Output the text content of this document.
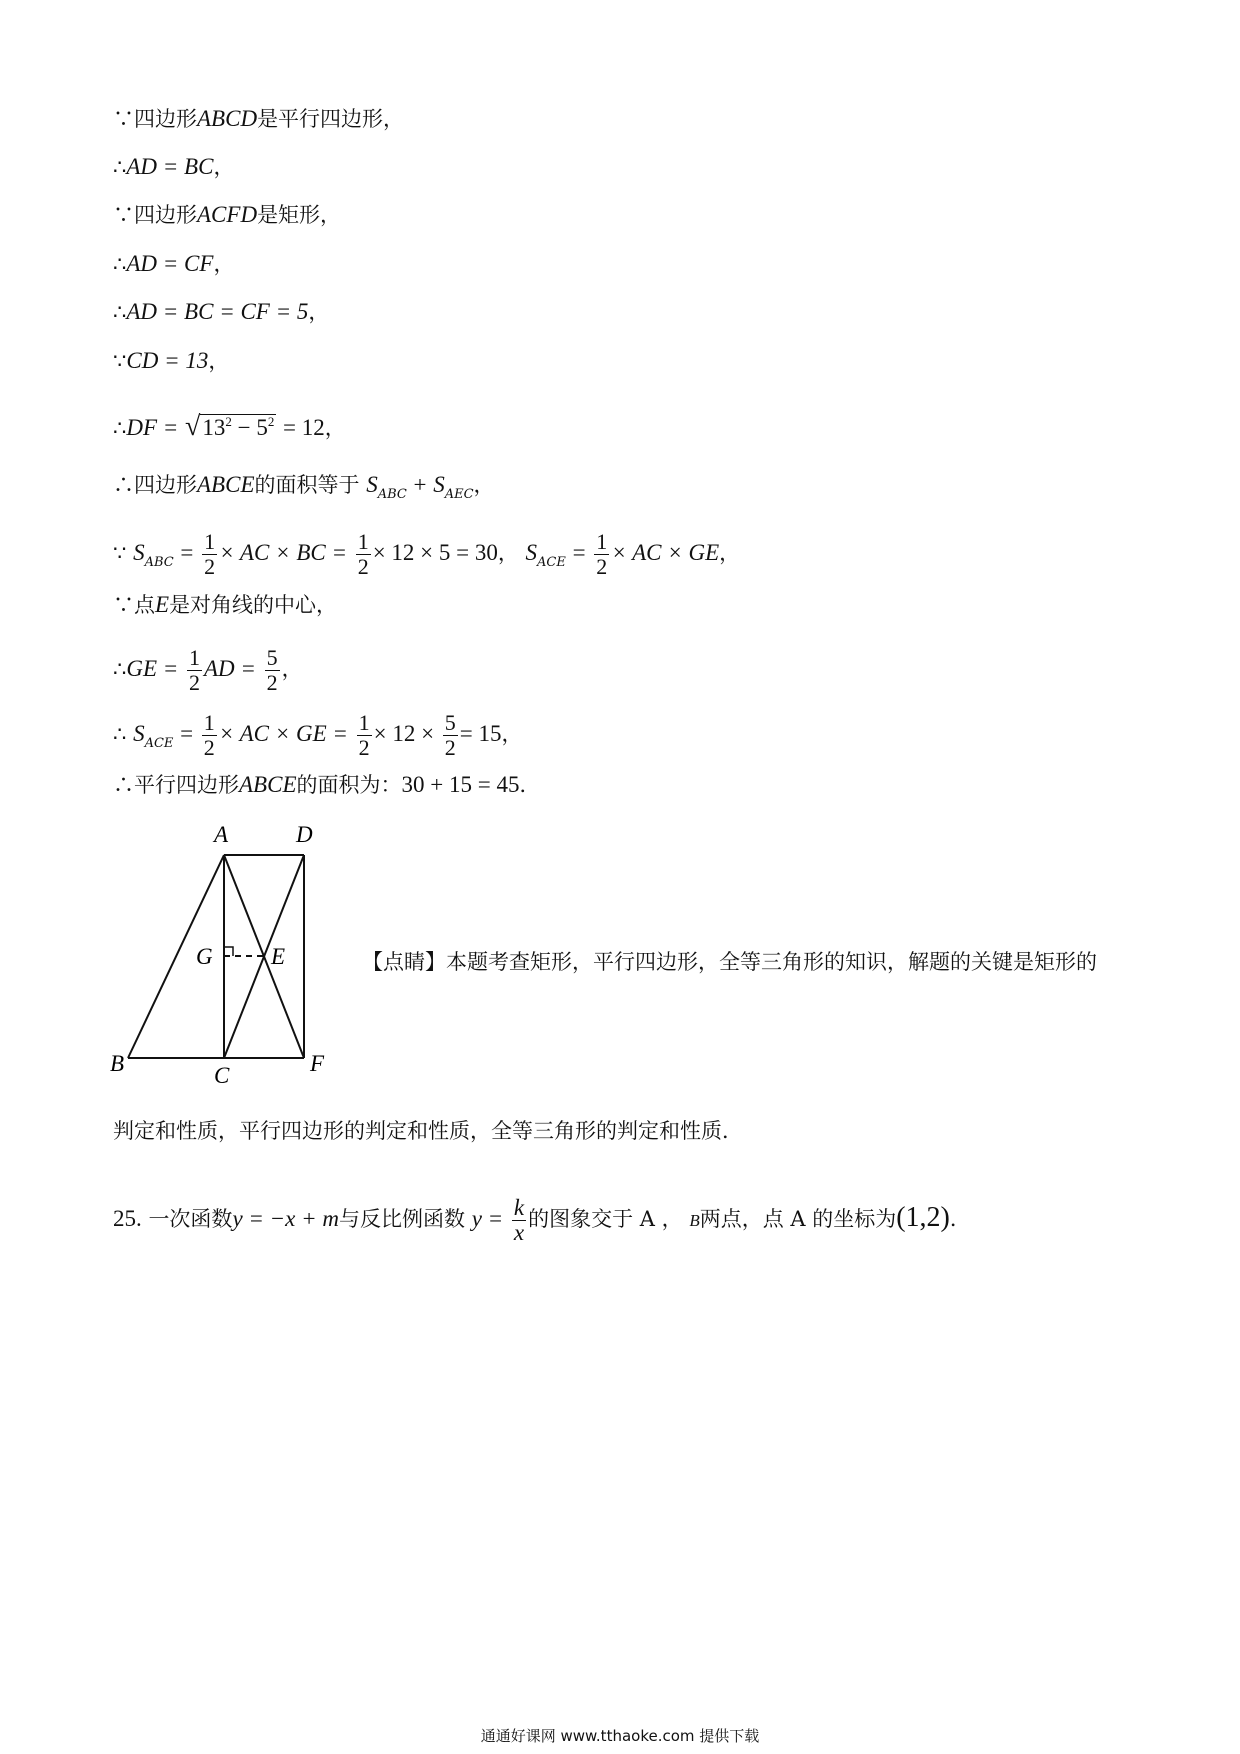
∵四边形ABCD是平行四边形，
∴AD = BC，
∵四边形ACFD是矩形，
∴AD = CF，
∴AD = BC = CF = 5，
∵CD = 13，
∴DF = $√13^2 - 5^2 = 12$，
∴四边形ABCE的面积等于 $S_{ABC} + S_{AEC}$，
∵ $S_{ABC} = \frac{1}{2}$ × AC × BC = $\frac{1}{2} \times 12 \times 5 = 30$， $S_{ACE} = \frac{1}{2}$ × AC × GE，
∵点E是对角线的中心，
∴GE = $\frac{1}{2}$ AD = $\frac{5}{2}$ ，
∴ $S_{ACE} = \frac{1}{2}$ × AC × GE = $\frac{1}{2} \times 12 \times \frac{5}{2} = 15$，
∴平行四边形ABCE的面积为：30 + 15 = 45．
A	D
G	E
B	C	F
【点睛】本题考查矩形，平行四边形，全等三角形的知识，解题的关键是矩形的
判定和性质，平行四边形的判定和性质，全等三角形的判定和性质．
25. 一次函数y = −x + m与反比例函数 $y = \frac{k}{x}$ 的图象交于 A ， B两点，点 A 的坐标为(1,2)．
通通好课网 www.tthaoke.com 提供下载
